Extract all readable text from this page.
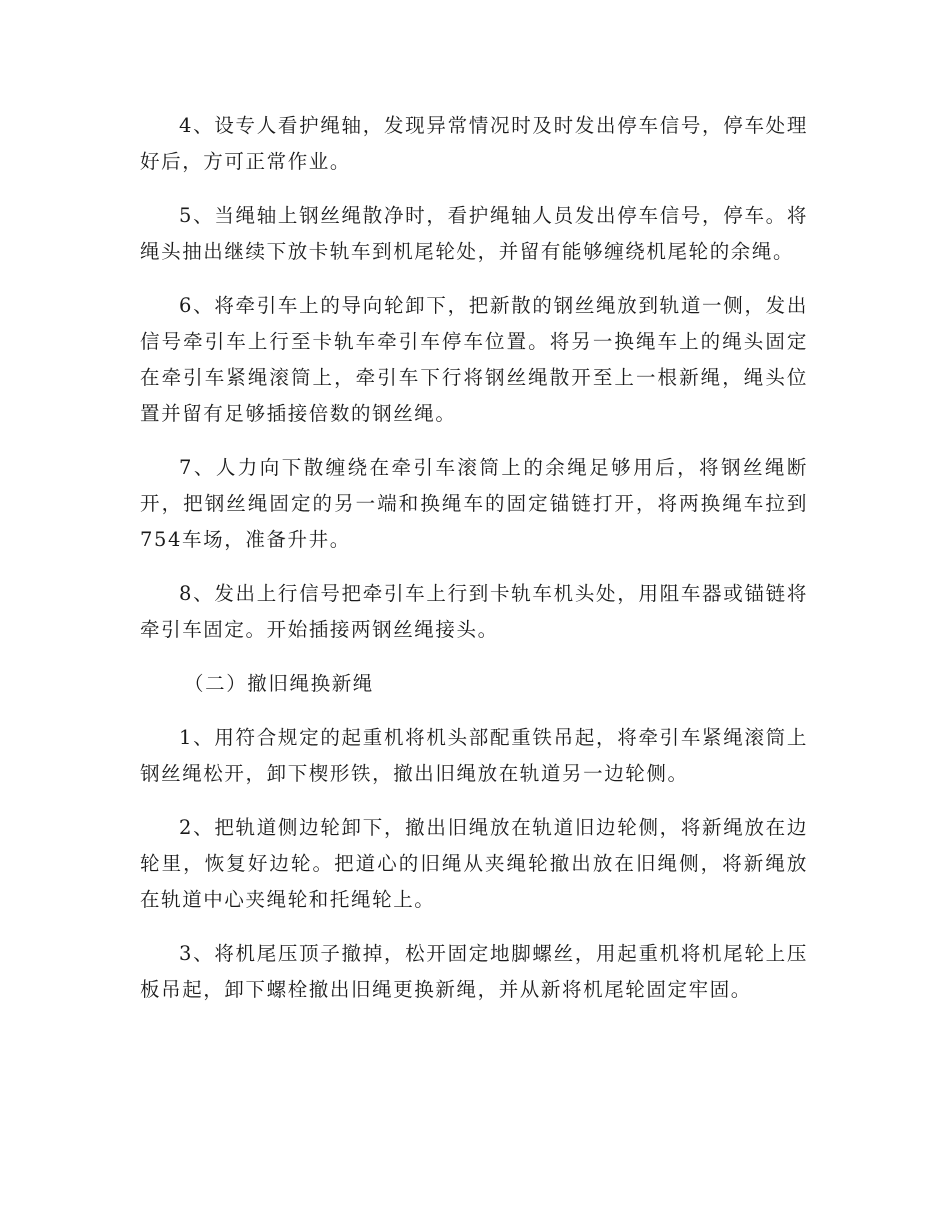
4、设专人看护绳轴，发现异常情况时及时发出停车信号，停车处理好后，方可正常作业。

5、当绳轴上钢丝绳散净时，看护绳轴人员发出停车信号，停车。将绳头抽出继续下放卡轨车到机尾轮处，并留有能够缠绕机尾轮的余绳。

6、将牵引车上的导向轮卸下，把新散的钢丝绳放到轨道一侧，发出信号牵引车上行至卡轨车牵引车停车位置。将另一换绳车上的绳头固定在牵引车紧绳滚筒上，牵引车下行将钢丝绳散开至上一根新绳，绳头位置并留有足够插接倍数的钢丝绳。

7、人力向下散缠绕在牵引车滚筒上的余绳足够用后，将钢丝绳断开，把钢丝绳固定的另一端和换绳车的固定锚链打开，将两换绳车拉到754车场，准备升井。

8、发出上行信号把牵引车上行到卡轨车机头处，用阻车器或锚链将牵引车固定。开始插接两钢丝绳接头。

（二）撤旧绳换新绳

1、用符合规定的起重机将机头部配重铁吊起，将牵引车紧绳滚筒上钢丝绳松开，卸下楔形铁，撤出旧绳放在轨道另一边轮侧。

2、把轨道侧边轮卸下，撤出旧绳放在轨道旧边轮侧，将新绳放在边轮里，恢复好边轮。把道心的旧绳从夹绳轮撤出放在旧绳侧，将新绳放在轨道中心夹绳轮和托绳轮上。

3、将机尾压顶子撤掉，松开固定地脚螺丝，用起重机将机尾轮上压板吊起，卸下螺栓撤出旧绳更换新绳，并从新将机尾轮固定牢固。
